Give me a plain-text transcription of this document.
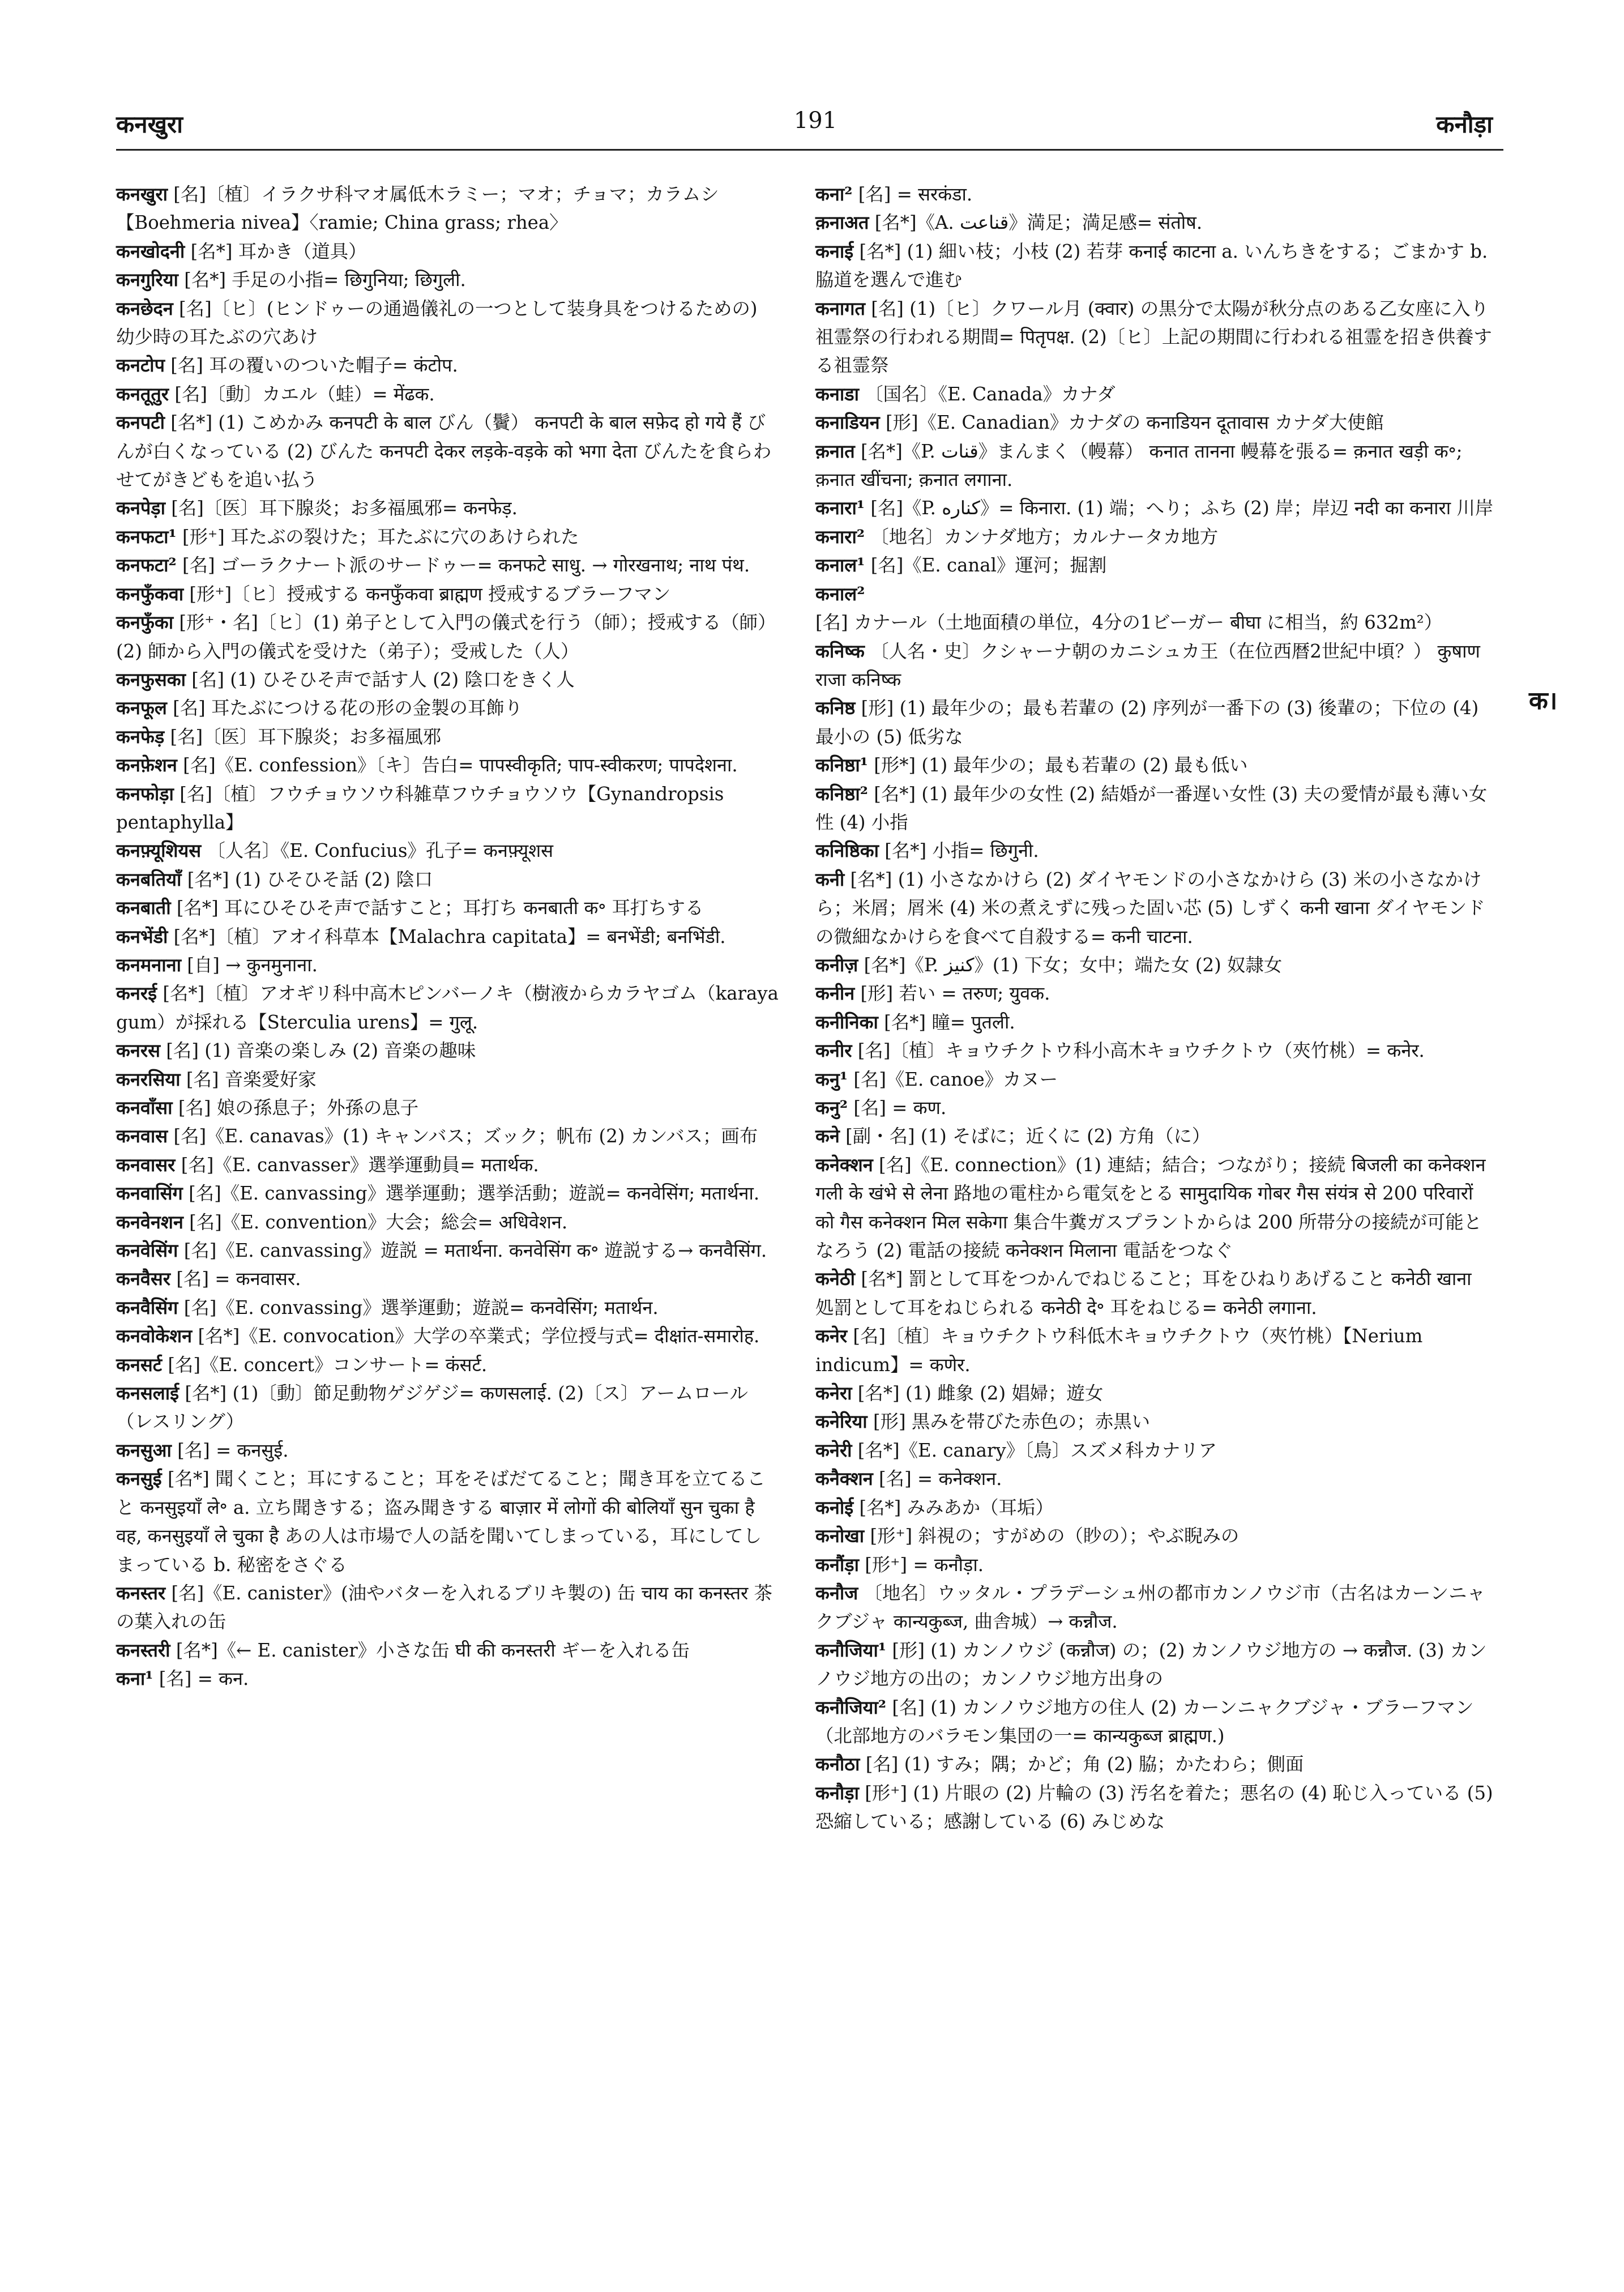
कनखुरा	191	कनौड़ा
क।
कनखुरा [名]〔植〕イラクサ科マオ属低木ラミー；マオ；チョマ；カラムシ【Boehmeria nivea】〈ramie; China grass; rhea〉
कनखोदनी [名*] 耳かき（道具）
कनगुरिया [名*] 手足の小指= छिगुनिया; छिगुली.
कनछेदन [名]〔ヒ〕(ヒンドゥーの通過儀礼の一つとして装身具をつけるための) 幼少時の耳たぶの穴あけ
कनटोप [名] 耳の覆いのついた帽子= कंटोप.
कनतूतुर [名]〔動〕カエル（蛙）= मेंढक.
कनपटी [名*] (1) こめかみ कनपटी के बाल びん（鬢） कनपटी के बाल सफ़ेद हो गये हैं びんが白くなっている (2) びんた कनपटी देकर लड़के-वड़के को भगा देता びんたを食らわせてがきどもを追い払う
कनपेड़ा [名]〔医〕耳下腺炎；お多福風邪= कनफेड़.
कनफटा¹ [形⁺] 耳たぶの裂けた；耳たぶに穴のあけられた
कनफटा² [名] ゴーラクナート派のサードゥー= कनफटे साधु. → गोरखनाथ; नाथ पंथ.
कनफुँकवा [形⁺]〔ヒ〕授戒する कनफुँकवा ब्राह्मण 授戒するブラーフマン
कनफुँका [形⁺・名]〔ヒ〕(1) 弟子として入門の儀式を行う（師）；授戒する（師） (2) 師から入門の儀式を受けた（弟子）；受戒した（人）
कनफुसका [名] (1) ひそひそ声で話す人 (2) 陰口をきく人
कनफूल [名] 耳たぶにつける花の形の金製の耳飾り
कनफेड़ [名]〔医〕耳下腺炎；お多福風邪
कनफ़ेशन [名]《E. confession》〔キ〕告白= पापस्वीकृति; पाप-स्वीकरण; पापदेशना.
कनफोड़ा [名]〔植〕フウチョウソウ科雑草フウチョウソウ【Gynandropsis pentaphylla】
कनफ़्यूशियस 〔人名〕《E. Confucius》孔子= कनफ़्यूशस
कनबतियाँ [名*] (1) ひそひそ話 (2) 陰口
कनबाती [名*] 耳にひそひそ声で話すこと；耳打ち कनबाती क॰ 耳打ちする
कनभेंडी [名*]〔植〕アオイ科草本【Malachra capitata】= बनभेंडी; बनभिंडी.
कनमनाना [自] → कुनमुनाना.
कनरई [名*]〔植〕アオギリ科中高木ピンバーノキ（樹液からカラヤゴム（karaya gum）が採れる【Sterculia urens】= गुलू.
कनरस [名] (1) 音楽の楽しみ (2) 音楽の趣味
कनरसिया [名] 音楽愛好家
कनवाँसा [名] 娘の孫息子；外孫の息子
कनवास [名]《E. canavas》(1) キャンバス；ズック；帆布 (2) カンバス；画布
कनवासर [名]《E. canvasser》選挙運動員= मतार्थक.
कनवासिंग [名]《E. canvassing》選挙運動；選挙活動；遊説= कनवेसिंग; मतार्थना.
कनवेनशन [名]《E. convention》大会；総会= अधिवेशन.
कनवेसिंग [名]《E. canvassing》遊説 = मतार्थना. कनवेसिंग क॰ 遊説する→ कनवैसिंग.
कनवैसर [名] = कनवासर.
कनवैसिंग [名]《E. convassing》選挙運動；遊説= कनवेसिंग; मतार्थन.
कनवोकेशन [名*]《E. convocation》大学の卒業式；学位授与式= दीक्षांत-समारोह.
कनसर्ट [名]《E. concert》コンサート= कंसर्ट.
कनसलाई [名*] (1)〔動〕節足動物ゲジゲジ= कणसलाई. (2)〔ス〕アームロール（レスリング）
कनसुआ [名] = कनसुई.
कनसुई [名*] 聞くこと；耳にすること；耳をそばだてること；聞き耳を立てること कनसुइयाँ ले॰ a. 立ち聞きする；盗み聞きする बाज़ार में लोगों की बोलियाँ सुन चुका है वह, कनसुइयाँ ले चुका है あの人は市場で人の話を聞いてしまっている，耳にしてしまっている b. 秘密をさぐる
कनस्तर [名]《E. canister》(油やバターを入れるブリキ製の) 缶 चाय का कनस्तर 茶の葉入れの缶
कनस्तरी [名*]《← E. canister》小さな缶 घी की कनस्तरी ギーを入れる缶
कना¹ [名] = कन.
कना² [名] = सरकंडा.
क़नाअत [名*]《A. قناعت》満足；満足感= संतोष.
कनाई [名*] (1) 細い枝；小枝 (2) 若芽 कनाई काटना a. いんちきをする；ごまかす b. 脇道を選んで進む
कनागत [名] (1)〔ヒ〕クワール月 (क्वार) の黒分で太陽が秋分点のある乙女座に入り祖霊祭の行われる期間= पितृपक्ष. (2)〔ヒ〕上記の期間に行われる祖霊を招き供養する祖霊祭
कनाडा 〔国名〕《E. Canada》カナダ
कनाडियन [形]《E. Canadian》カナダの कनाडियन दूतावास カナダ大使館
क़नात [名*]《P. قنات》まんまく（幔幕） कनात तानना 幔幕を張る= क़नात खड़ी क॰; क़नात खींचना; क़नात लगाना.
कनारा¹ [名]《P. کناره》= किनारा. (1) 端；へり；ふち (2) 岸；岸辺 नदी का कनारा 川岸
कनारा² 〔地名〕カンナダ地方；カルナータカ地方
कनाल¹ [名]《E. canal》運河；掘割
कनाल² [名] カナール（土地面積の単位，4分の1ビーガー बीघा に相当，約 632m²）
कनिष्क 〔人名・史〕クシャーナ朝のカニシュカ王（在位西暦2世紀中頃？） कुषाण राजा कनिष्क
कनिष्ठ [形] (1) 最年少の；最も若輩の (2) 序列が一番下の (3) 後輩の；下位の (4) 最小の (5) 低劣な
कनिष्ठा¹ [形*] (1) 最年少の；最も若輩の (2) 最も低い
कनिष्ठा² [名*] (1) 最年少の女性 (2) 結婚が一番遅い女性 (3) 夫の愛情が最も薄い女性 (4) 小指
कनिष्ठिका [名*] 小指= छिगुनी.
कनी [名*] (1) 小さなかけら (2) ダイヤモンドの小さなかけら (3) 米の小さなかけら；米屑；屑米 (4) 米の煮えずに残った固い芯 (5) しずく कनी खाना ダイヤモンドの微細なかけらを食べて自殺する= कनी चाटना.
कनीज़ [名*]《P. کنیز》(1) 下女；女中；端た女 (2) 奴隷女
कनीन [形] 若い = तरुण; युवक.
कनीनिका [名*] 瞳= पुतली.
कनीर [名]〔植〕キョウチクトウ科小高木キョウチクトウ（夾竹桃）= कनेर.
कनु¹ [名]《E. canoe》カヌー
कनु² [名] = कण.
कने [副・名] (1) そばに；近くに (2) 方角（に）
कनेक्शन [名]《E. connection》(1) 連結；結合；つながり；接続 बिजली का कनेक्शन गली के खंभे से लेना 路地の電柱から電気をとる सामुदायिक गोबर गैस संयंत्र से 200 परिवारों को गैस कनेक्शन मिल सकेगा 集合牛糞ガスプラントからは 200 所帯分の接続が可能となろう (2) 電話の接続 कनेक्शन मिलाना 電話をつなぐ
कनेठी [名*] 罰として耳をつかんでねじること；耳をひねりあげること कनेठी खाना 処罰として耳をねじられる कनेठी दे॰ 耳をねじる= कनेठी लगाना.
कनेर [名]〔植〕キョウチクトウ科低木キョウチクトウ（夾竹桃）【Nerium indicum】= कणेर.
कनेरा [名*] (1) 雌象 (2) 娼婦；遊女
कनेरिया [形] 黒みを帯びた赤色の；赤黒い
कनेरी [名*]《E. canary》〔鳥〕スズメ科カナリア
कनैक्शन [名] = कनेक्शन.
कनोई [名*] みみあか（耳垢）
कनोखा [形⁺] 斜視の；すがめの（眇の）；やぶ睨みの
कनौंड़ा [形⁺] = कनौड़ा.
कनौज 〔地名〕ウッタル・プラデーシュ州の都市カンノウジ市（古名はカーンニャクブジャ कान्यकुब्ज, 曲舎城）→ कन्नौज.
कनौजिया¹ [形] (1) カンノウジ (कन्नौज) の；(2) カンノウジ地方の → कन्नौज. (3) カンノウジ地方の出の；カンノウジ地方出身の
कनौजिया² [名] (1) カンノウジ地方の住人 (2) カーンニャクブジャ・ブラーフマン（北部地方のバラモン集団の一= कान्यकुब्ज ब्राह्मण.)
कनौठा [名] (1) すみ；隅；かど；角 (2) 脇；かたわら；側面
कनौड़ा [形⁺] (1) 片眼の (2) 片輪の (3) 汚名を着た；悪名の (4) 恥じ入っている (5) 恐縮している；感謝している (6) みじめな
